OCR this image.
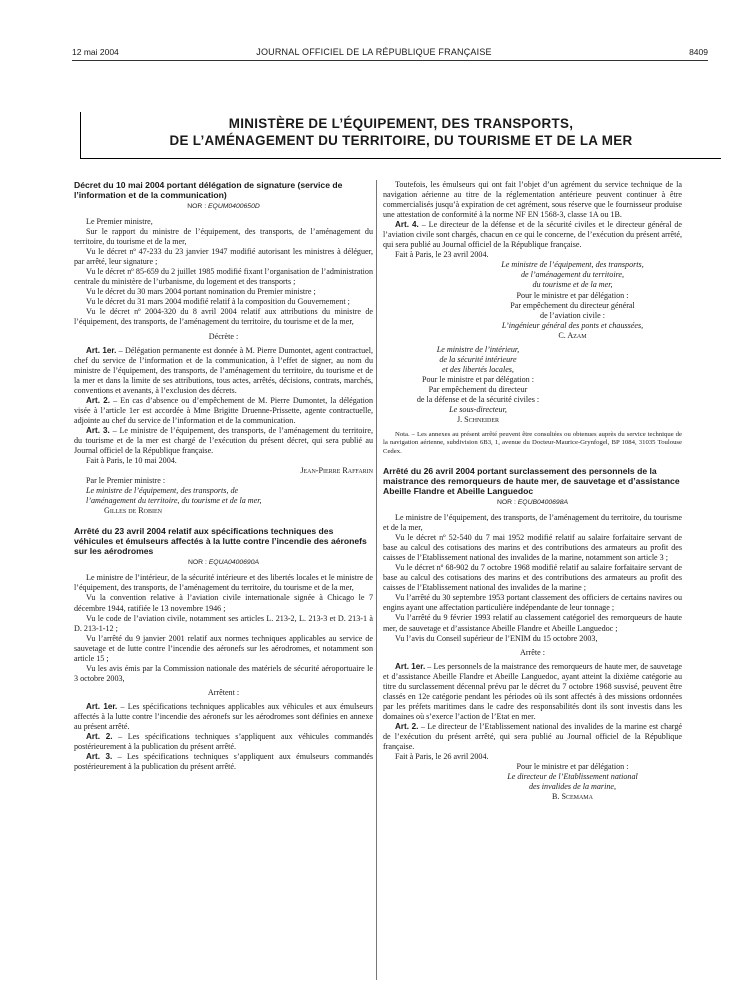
12 mai 2004	JOURNAL OFFICIEL DE LA RÉPUBLIQUE FRANÇAISE	8409
MINISTÈRE DE L’ÉQUIPEMENT, DES TRANSPORTS,
DE L’AMÉNAGEMENT DU TERRITOIRE, DU TOURISME ET DE LA MER
Décret du 10 mai 2004 portant délégation de signature (service de l’information et de la communication)
NOR : EQUM0400650D

Le Premier ministre,

Sur le rapport du ministre de l’équipement, des transports, de l’aménagement du territoire, du tourisme et de la mer,

Vu le décret nº 47-233 du 23 janvier 1947 modifié autorisant les ministres à déléguer, par arrêté, leur signature ;

Vu le décret nº 85-659 du 2 juillet 1985 modifié fixant l’organisation de l’administration centrale du ministère de l’urbanisme, du logement et des transports ;

Vu le décret du 30 mars 2004 portant nomination du Premier ministre ;

Vu le décret du 31 mars 2004 modifié relatif à la composition du Gouvernement ;

Vu le décret nº 2004-320 du 8 avril 2004 relatif aux attributions du ministre de l’équipement, des transports, de l’aménagement du territoire, du tourisme et de la mer,

Décrète :

Art. 1er. – Délégation permanente est donnée à M. Pierre Dumontet, agent contractuel, chef du service de l’information et de la communication, à l’effet de signer, au nom du ministre de l’équipement, des transports, de l’aménagement du territoire, du tourisme et de la mer et dans la limite de ses attributions, tous actes, arrêtés, décisions, contrats, marchés, conventions et avenants, à l’exclusion des décrets.

Art. 2. – En cas d’absence ou d’empêchement de M. Pierre Dumontet, la délégation visée à l’article 1er est accordée à Mme Brigitte Druenne-Prissette, agente contractuelle, adjointe au chef du service de l’information et de la communication.

Art. 3. – Le ministre de l’équipement, des transports, de l’aménagement du territoire, du tourisme et de la mer est chargé de l’exécution du présent décret, qui sera publié au Journal officiel de la République française.

Fait à Paris, le 10 mai 2004.

Jean-Pierre Raffarin

Par le Premier ministre :

Le ministre de l’équipement, des transports, de l’aménagement du territoire, du tourisme et de la mer,
Gilles de Robien
Arrêté du 23 avril 2004 relatif aux spécifications techniques des véhicules et émulseurs affectés à la lutte contre l’incendie des aéronefs sur les aérodromes
NOR : EQUA0400690A

Le ministre de l’intérieur, de la sécurité intérieure et des libertés locales et le ministre de l’équipement, des transports, de l’aménagement du territoire, du tourisme et de la mer,

Vu la convention relative à l’aviation civile internationale signée à Chicago le 7 décembre 1944, ratifiée le 13 novembre 1946 ;

Vu le code de l’aviation civile, notamment ses articles L. 213-2, L. 213-3 et D. 213-1 à D. 213-1-12 ;

Vu l’arrêté du 9 janvier 2001 relatif aux normes techniques applicables au service de sauvetage et de lutte contre l’incendie des aéronefs sur les aérodromes, et notamment son article 15 ;

Vu les avis émis par la Commission nationale des matériels de sécurité aéroportuaire le 3 octobre 2003,

Arrêtent :

Art. 1er. – Les spécifications techniques applicables aux véhicules et aux émulseurs affectés à la lutte contre l’incendie des aéronefs sur les aérodromes sont définies en annexe au présent arrêté.

Art. 2. – Les spécifications techniques s’appliquent aux véhicules commandés postérieurement à la publication du présent arrêté.

Art. 3. – Les spécifications techniques s’appliquent aux émulseurs commandés postérieurement à la publication du présent arrêté.

Toutefois, les émulseurs qui ont fait l’objet d’un agrément du service technique de la navigation aérienne au titre de la réglementation antérieure peuvent continuer à être commercialisés jusqu’à expiration de cet agrément, sous réserve que le fournisseur produise une attestation de conformité à la norme NF EN 1568-3, classe 1A ou 1B.

Art. 4. – Le directeur de la défense et de la sécurité civiles et le directeur général de l’aviation civile sont chargés, chacun en ce qui le concerne, de l’exécution du présent arrêté, qui sera publié au Journal officiel de la République française.

Fait à Paris, le 23 avril 2004.

Le ministre de l’équipement, des transports,
de l’aménagement du territoire,
du tourisme et de la mer,
Pour le ministre et par délégation :
Par empêchement du directeur général
de l’aviation civile :
L’ingénieur général des ponts et chaussées,
C. Azam
Le ministre de l’intérieur,
de la sécurité intérieure
et des libertés locales,
Pour le ministre et par délégation :
Par empêchement du directeur
de la défense et de la sécurité civiles :
Le sous-directeur,
J. Schneider

Nota. – Les annexes au présent arrêté peuvent être consultées ou obtenues auprès du service technique de la navigation aérienne, subdivision 6B3, 1, avenue du Docteur-Maurice-Grynfogel, BP 1084, 31035 Toulouse Cedex.

Arrêté du 26 avril 2004 portant surclassement des personnels de la maistrance des remorqueurs de haute mer, de sauvetage et d’assistance Abeille Flandre et Abeille Languedoc
NOR : EQUB0400698A

Le ministre de l’équipement, des transports, de l’aménagement du territoire, du tourisme et de la mer,

Vu le décret nº 52-540 du 7 mai 1952 modifié relatif au salaire forfaitaire servant de base au calcul des cotisations des marins et des contributions des armateurs au profit des caisses de l’Etablissement national des invalides de la marine, notamment son article 3 ;

Vu le décret nº 68-902 du 7 octobre 1968 modifié relatif au salaire forfaitaire servant de base au calcul des cotisations des marins et des contributions des armateurs au profit des caisses de l’Etablissement national des invalides de la marine ;

Vu l’arrêté du 30 septembre 1953 portant classement des officiers de certains navires ou engins ayant une affectation particulière indépendante de leur tonnage ;

Vu l’arrêté du 9 février 1993 relatif au classement catégoriel des remorqueurs de haute mer, de sauvetage et d’assistance Abeille Flandre et Abeille Languedoc ;

Vu l’avis du Conseil supérieur de l’ENIM du 15 octobre 2003,

Arrête :

Art. 1er. – Les personnels de la maistrance des remorqueurs de haute mer, de sauvetage et d’assistance Abeille Flandre et Abeille Languedoc, ayant atteint la dixième catégorie au titre du surclassement décennal prévu par le décret du 7 octobre 1968 susvisé, peuvent être classés en 12e catégorie pendant les périodes où ils sont affectés à des missions ordonnées par les préfets maritimes dans le cadre des responsabilités dont ils sont investis dans les domaines où s’exerce l’action de l’Etat en mer.

Art. 2. – Le directeur de l’Etablissement national des invalides de la marine est chargé de l’exécution du présent arrêté, qui sera publié au Journal officiel de la République française.

Fait à Paris, le 26 avril 2004.

Pour le ministre et par délégation :
Le directeur de l’Etablissement national
des invalides de la marine,
B. Scemama
